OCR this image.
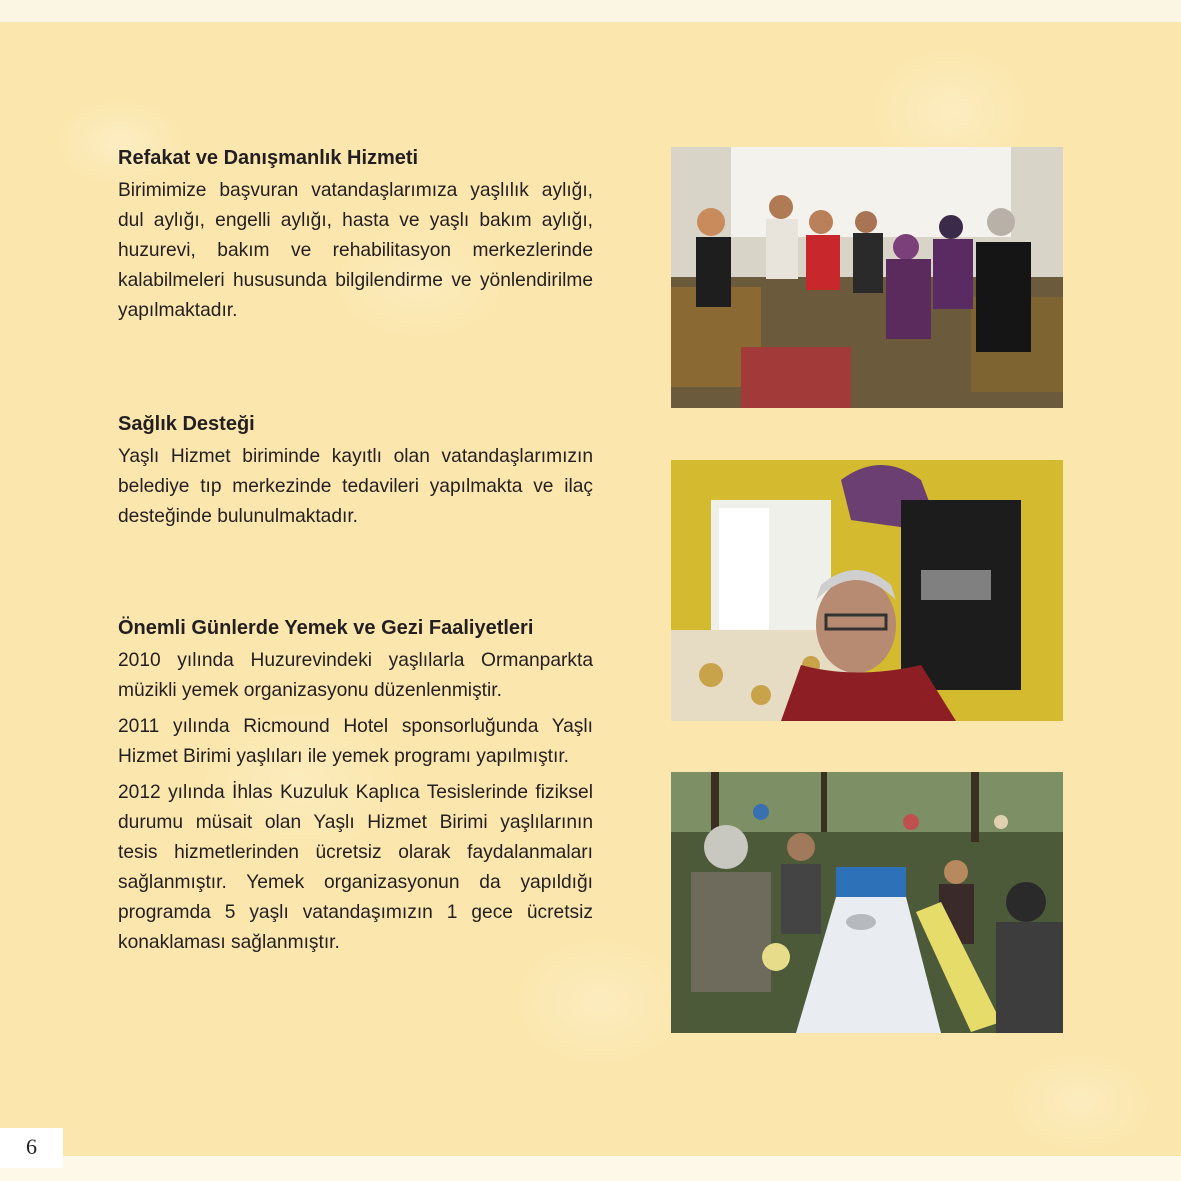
Refakat ve Danışmanlık Hizmeti

Birimimize başvuran vatandaşlarımıza yaşlılık aylığı, dul aylığı, engelli aylığı, hasta ve yaşlı bakım aylığı, huzurevi, bakım ve rehabilitasyon merkezlerinde kalabilmeleri hususunda bilgilendirme ve yönlendirilme yapılmaktadır.

Sağlık Desteği

Yaşlı Hizmet biriminde kayıtlı olan vatandaşlarımızın belediye tıp merkezinde tedavileri yapılmakta ve ilaç desteğinde bulunulmaktadır.

Önemli Günlerde Yemek ve Gezi Faaliyetleri

2010 yılında Huzurevindeki yaşlılarla Ormanparkta müzikli yemek organizasyonu düzenlenmiştir.

2011 yılında Ricmound Hotel sponsorluğunda Yaşlı Hizmet Birimi yaşlıları ile yemek programı yapılmıştır.

2012 yılında İhlas Kuzuluk Kaplıca Tesislerinde fiziksel durumu müsait olan Yaşlı Hizmet Birimi yaşlılarının tesis hizmetlerinden ücretsiz olarak faydalanmaları sağlanmıştır. Yemek organizasyonun da yapıldığı programda 5 yaşlı vatandaşımızın 1 gece ücretsiz konaklaması sağlanmıştır.

6
